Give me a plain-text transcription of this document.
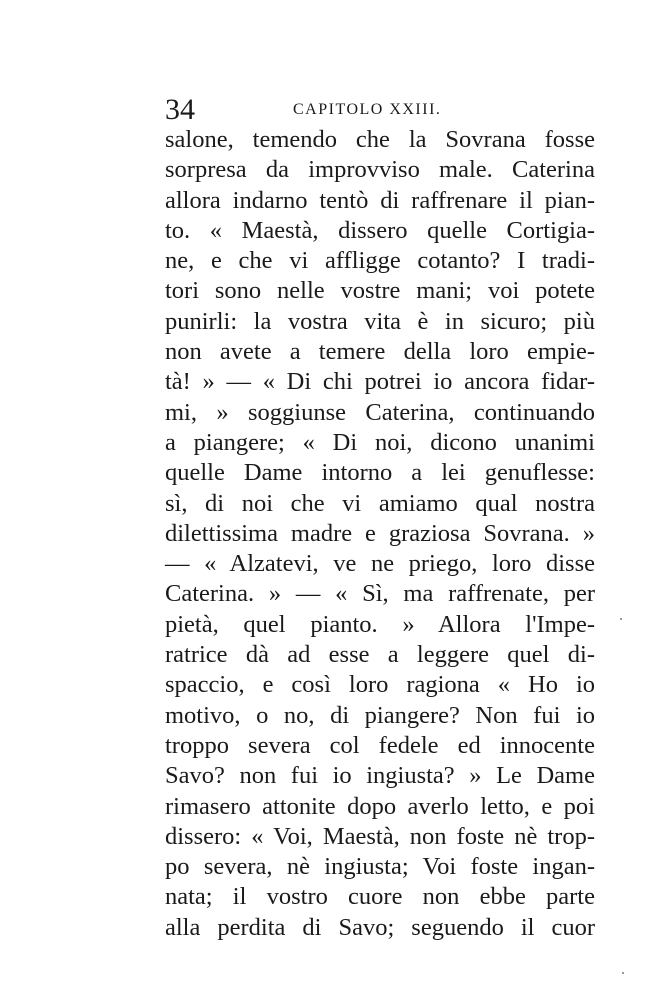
34	CAPITOLO XXIII.
salone, temendo che la Sovrana fosse
sorpresa da improvviso male. Caterina
allora indarno tentò di raffrenare il pian-
to. « Maestà, dissero quelle Cortigia-
ne, e che vi affligge cotanto? I tradi-
tori sono nelle vostre mani; voi potete
punirli: la vostra vita è in sicuro; più
non avete a temere della loro empie-
tà! » — « Di chi potrei io ancora fidar-
mi, » soggiunse Caterina, continuando
a piangere; « Di noi, dicono unanimi
quelle Dame intorno a lei genuflesse:
sì, di noi che vi amiamo qual nostra
dilettissima madre e graziosa Sovrana. »
— « Alzatevi, ve ne priego, loro disse
Caterina. » — « Sì, ma raffrenate, per
pietà, quel pianto. » Allora l'Impe-
ratrice dà ad esse a leggere quel di-
spaccio, e così loro ragiona « Ho io
motivo, o no, di piangere? Non fui io
troppo severa col fedele ed innocente
Savo? non fui io ingiusta? » Le Dame
rimasero attonite dopo averlo letto, e poi
dissero: « Voi, Maestà, non foste nè trop-
po severa, nè ingiusta; Voi foste ingan-
nata; il vostro cuore non ebbe parte
alla perdita di Savo; seguendo il cuor
